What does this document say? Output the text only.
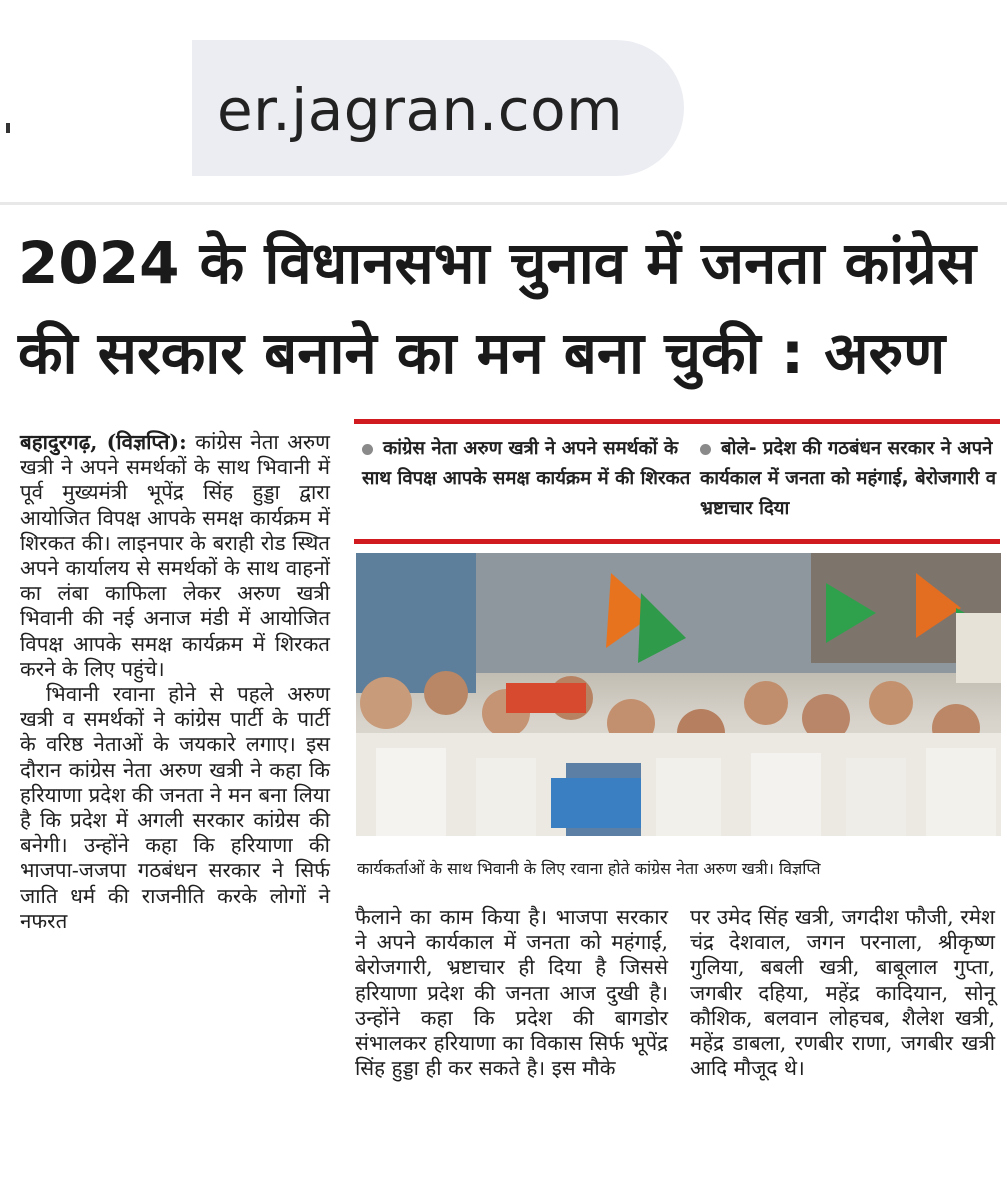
er.jagran.com
2024 के विधानसभा चुनाव में जनता कांग्रेस
की सरकार बनाने का मन बना चुकी : अरुण

बहादुरगढ़, (विज्ञप्ति): कांग्रेस नेता अरुण खत्री ने अपने समर्थकों के साथ भिवानी में पूर्व मुख्यमंत्री भूपेंद्र सिंह हुड्डा द्वारा आयोजित विपक्ष आपके समक्ष कार्यक्रम में शिरकत की। लाइनपार के बराही रोड स्थित अपने कार्यालय से समर्थकों के साथ वाहनों का लंबा काफिला लेकर अरुण खत्री भिवानी की नई अनाज मंडी में आयोजित विपक्ष आपके समक्ष कार्यक्रम में शिरकत करने के लिए पहुंचे।

भिवानी रवाना होने से पहले अरुण खत्री व समर्थकों ने कांग्रेस पार्टी के पार्टी के वरिष्ठ नेताओं के जयकारे लगाए। इस दौरान कांग्रेस नेता अरुण खत्री ने कहा कि हरियाणा प्रदेश की जनता ने मन बना लिया है कि प्रदेश में अगली सरकार कांग्रेस की बनेगी। उन्होंने कहा कि हरियाणा की भाजपा-जजपा गठबंधन सरकार ने सिर्फ जाति धर्म की राजनीति करके लोगों ने नफरत

कांग्रेस नेता अरुण खत्री ने अपने समर्थकों के साथ विपक्ष आपके समक्ष कार्यक्रम में की शिरकत
बोले- प्रदेश की गठबंधन सरकार ने अपने कार्यकाल में जनता को महंगाई, बेरोजगारी व भ्रष्टाचार दिया
कार्यकर्ताओं के साथ भिवानी के लिए रवाना होते कांग्रेस नेता अरुण खत्री। विज्ञप्ति

फैलाने का काम किया है। भाजपा सरकार ने अपने कार्यकाल में जनता को महंगाई, बेरोजगारी, भ्रष्टाचार ही दिया है जिससे हरियाणा प्रदेश की जनता आज दुखी है। उन्होंने कहा कि प्रदेश की बागडोर संभालकर हरियाणा का विकास सिर्फ भूपेंद्र सिंह हुड्डा ही कर सकते है। इस मौके

पर उमेद सिंह खत्री, जगदीश फौजी, रमेश चंद्र देशवाल, जगन परनाला, श्रीकृष्ण गुलिया, बबली खत्री, बाबूलाल गुप्ता, जगबीर दहिया, महेंद्र कादियान, सोनू कौशिक, बलवान लोहचब, शैलेश खत्री, महेंद्र डाबला, रणबीर राणा, जगबीर खत्री आदि मौजूद थे।
